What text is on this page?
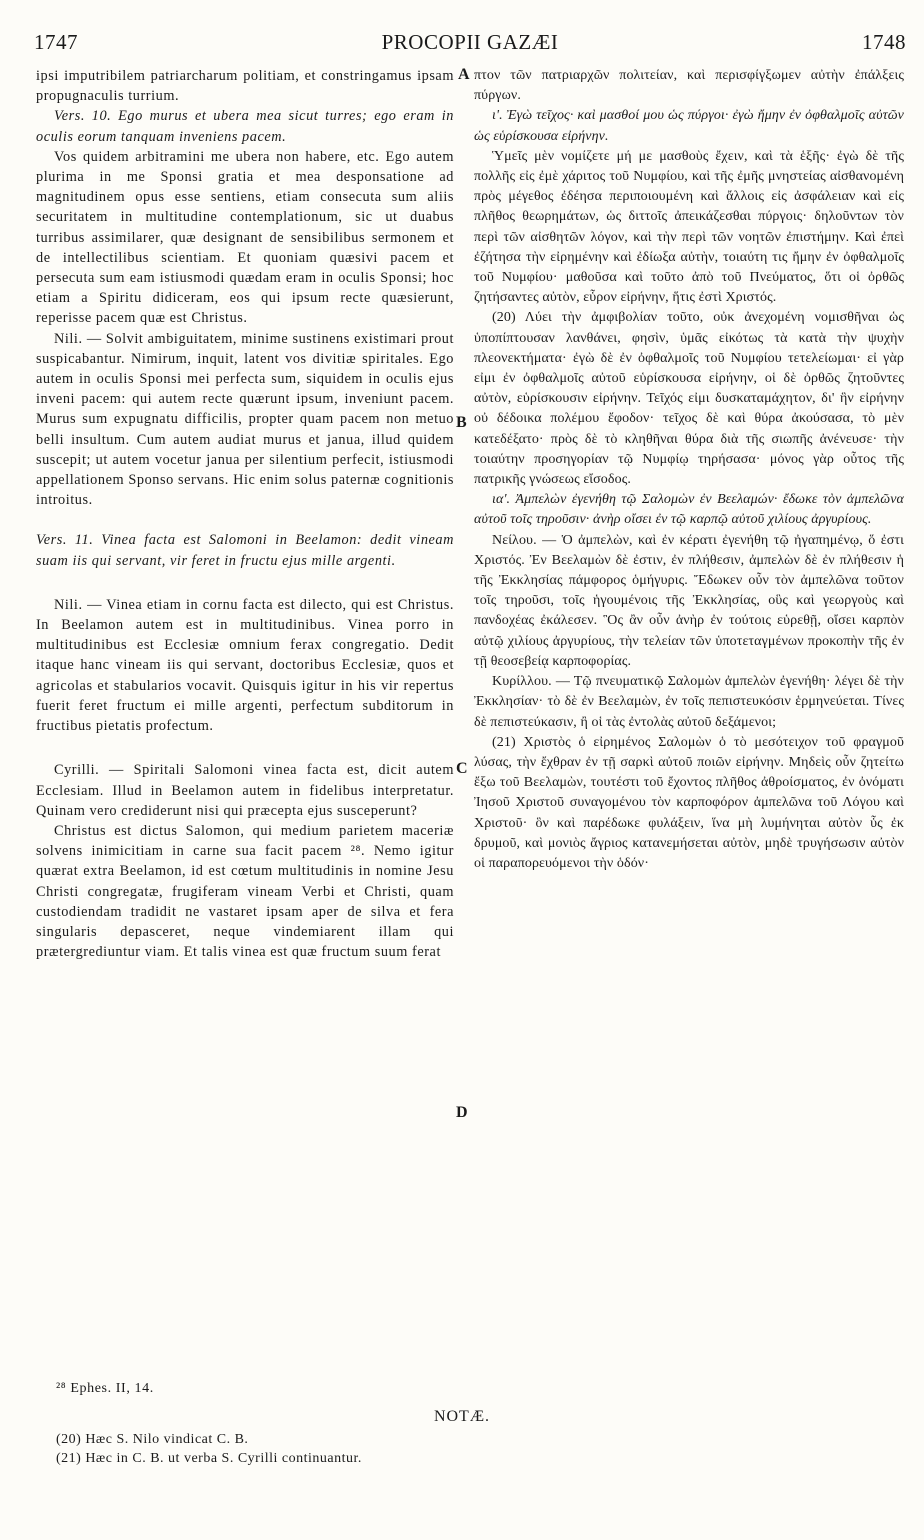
1747	PROCOPII GAZÆI	1748

ipsi imputribilem patriarcharum politiam, et constringamus ipsam propugnaculis turrium.

Vers. 10. Ego murus et ubera mea sicut turres; ego eram in oculis eorum tanquam inveniens pacem.

Vos quidem arbitramini me ubera non habere, etc. Ego autem plurima in me Sponsi gratia et mea desponsatione ad magnitudinem opus esse sentiens, etiam consecuta sum aliis securitatem in multitudine contemplationum, sic ut duabus turribus assimilarer, quæ designant de sensibilibus sermonem et de intellectilibus scientiam. Et quoniam quæsivi pacem et persecuta sum eam istiusmodi quædam eram in oculis Sponsi; hoc etiam a Spiritu didiceram, eos qui ipsum recte quæsierunt, reperisse pacem quæ est Christus.

Nili. — Solvit ambiguitatem, minime sustinens existimari prout suspicabantur. Nimirum, inquit, latent vos divitiæ spiritales. Ego autem in oculis Sponsi mei perfecta sum, siquidem in oculis ejus inveni pacem: qui autem recte quærunt ipsum, inveniunt pacem. Murus sum expugnatu difficilis, propter quam pacem non metuo belli insultum. Cum autem audiat murus et janua, illud quidem suscepit; ut autem vocetur janua per silentium perfecit, istiusmodi appellationem Sponso servans. Hic enim solus paternæ cognitionis introitus.

Vers. 11. Vinea facta est Salomoni in Beelamon: dedit vineam suam iis qui servant, vir feret in fructu ejus mille argenti.

Nili. — Vinea etiam in cornu facta est dilecto, qui est Christus. In Beelamon autem est in multitudinibus. Vinea porro in multitudinibus est Ecclesiæ omnium ferax congregatio. Dedit itaque hanc vineam iis qui servant, doctoribus Ecclesiæ, quos et agricolas et stabularios vocavit. Quisquis igitur in his vir repertus fuerit feret fructum ei mille argenti, perfectum subditorum in fructibus pietatis profectum.

Cyrilli. — Spiritali Salomoni vinea facta est, dicit autem Ecclesiam. Illud in Beelamon autem in fidelibus interpretatur. Quinam vero crediderunt nisi qui præcepta ejus susceperunt?

Christus est dictus Salomon, qui medium parietem maceriæ solvens inimicitiam in carne sua facit pacem ²⁸. Nemo igitur quærat extra Beelamon, id est cœtum multitudinis in nomine Jesu Christi congregatæ, frugiferam vineam Verbi et Christi, quam custodiendam tradidit ne vastaret ipsam aper de silva et fera singularis depasceret, neque vindemiarent illam qui prætergrediuntur viam. Et talis vinea est quæ fructum suum ferat

πτον τῶν πατριαρχῶν πολιτείαν, καὶ περισφίγξωμεν αὐτὴν ἐπάλξεις πύργων.

ι'. Ἐγὼ τεῖχος· καὶ μασθοί μου ὡς πύργοι· ἐγὼ ἤμην ἐν ὀφθαλμοῖς αὐτῶν ὡς εὑρίσκουσα εἰρήνην.

Ὑμεῖς μὲν νομίζετε μή με μασθοὺς ἔχειν, καὶ τὰ ἑξῆς· ἐγὼ δὲ τῆς πολλῆς εἰς ἐμὲ χάριτος τοῦ Νυμφίου, καὶ τῆς ἐμῆς μνηστείας αἰσθανομένη πρὸς μέγεθος ἐδέησα περιποιουμένη καὶ ἄλλοις εἰς ἀσφάλειαν καὶ εἰς πλῆθος θεωρημάτων, ὡς διττοῖς ἀπεικάζεσθαι πύργοις· δηλοῦντων τὸν περὶ τῶν αἰσθητῶν λόγον, καὶ τὴν περὶ τῶν νοητῶν ἐπιστήμην. Καὶ ἐπεὶ ἐζήτησα τὴν εἰρημένην καὶ ἐδίωξα αὐτὴν, τοιαύτη τις ἤμην ἐν ὀφθαλμοῖς τοῦ Νυμφίου· μαθοῦσα καὶ τοῦτο ἀπὸ τοῦ Πνεύματος, ὅτι οἱ ὀρθῶς ζητήσαντες αὐτὸν, εὗρον εἰρήνην, ἥτις ἐστὶ Χριστός.

(20) Λύει τὴν ἀμφιβολίαν τοῦτο, οὐκ ἀνεχομένη νομισθῆναι ὡς ὑποπίπτουσαν λανθάνει, φησὶν, ὑμᾶς εἰκότως τὰ κατὰ τὴν ψυχὴν πλεονεκτήματα· ἐγὼ δὲ ἐν ὀφθαλμοῖς τοῦ Νυμφίου τετελείωμαι· εἰ γὰρ εἰμι ἐν ὀφθαλμοῖς αὐτοῦ εὑρίσκουσα εἰρήνην, οἱ δὲ ὀρθῶς ζητοῦντες αὐτὸν, εὑρίσκουσιν εἰρήνην. Τεῖχός εἰμι δυσκαταμάχητον, δι' ἣν εἰρήνην οὐ δέδοικα πολέμου ἔφοδον· τεῖχος δὲ καὶ θύρα ἀκούσασα, τὸ μὲν κατεδέξατο· πρὸς δὲ τὸ κληθῆναι θύρα διὰ τῆς σιωπῆς ἀνένευσε· τὴν τοιαύτην προσηγορίαν τῷ Νυμφίῳ τηρήσασα· μόνος γὰρ οὗτος τῆς πατρικῆς γνώσεως εἴσοδος.

ια'. Ἀμπελὼν ἐγενήθη τῷ Σαλομὼν ἐν Βεελαμών· ἔδωκε τὸν ἀμπελῶνα αὐτοῦ τοῖς τηροῦσιν· ἀνὴρ οἴσει ἐν τῷ καρπῷ αὐτοῦ χιλίους ἀργυρίους.

Νείλου. — Ὁ ἀμπελὼν, καὶ ἐν κέρατι ἐγενήθη τῷ ἠγαπημένῳ, ὅ ἐστι Χριστός. Ἐν Βεελαμὼν δὲ ἐστιν, ἐν πλήθεσιν, ἀμπελὼν δὲ ἐν πλήθεσιν ἡ τῆς Ἐκκλησίας πάμφορος ὁμήγυρις. Ἔδωκεν οὖν τὸν ἀμπελῶνα τοῦτον τοῖς τηροῦσι, τοῖς ἡγουμένοις τῆς Ἐκκλησίας, οὓς καὶ γεωργοὺς καὶ πανδοχέας ἐκάλεσεν. Ὃς ἂν οὖν ἀνὴρ ἐν τούτοις εὑρεθῇ, οἴσει καρπὸν αὐτῷ χιλίους ἀργυρίους, τὴν τελείαν τῶν ὑποτεταγμένων προκοπὴν τῆς ἐν τῇ θεοσεβείᾳ καρποφορίας.

Κυρίλλου. — Τῷ πνευματικῷ Σαλομὼν ἀμπελὼν ἐγενήθη· λέγει δὲ τὴν Ἐκκλησίαν· τὸ δὲ ἐν Βεελαμὼν, ἐν τοῖς πεπιστευκόσιν ἑρμηνεύεται. Τίνες δὲ πεπιστεύκασιν, ἢ οἱ τὰς ἐντολὰς αὐτοῦ δεξάμενοι;

(21) Χριστὸς ὁ εἰρημένος Σαλομὼν ὁ τὸ μεσότειχον τοῦ φραγμοῦ λύσας, τὴν ἔχθραν ἐν τῇ σαρκὶ αὐτοῦ ποιῶν εἰρήνην. Μηδεὶς οὖν ζητείτω ἔξω τοῦ Βεελαμὼν, τουτέστι τοῦ ἔχοντος πλῆθος ἀθροίσματος, ἐν ὀνόματι Ἰησοῦ Χριστοῦ συναγομένου τὸν καρποφόρον ἀμπελῶνα τοῦ Λόγου καὶ Χριστοῦ· ὃν καὶ παρέδωκε φυλάξειν, ἵνα μὴ λυμήνηται αὐτὸν ὗς ἐκ δρυμοῦ, καὶ μονιὸς ἄγριος κατανεμήσεται αὐτὸν, μηδὲ τρυγήσωσιν αὐτὸν οἱ παραπορευόμενοι τὴν ὁδόν·

A
B
C
D
²⁸ Ephes. II, 14.
NOTÆ.
(20) Hæc S. Nilo vindicat C. B.
(21) Hæc in C. B. ut verba S. Cyrilli continuantur.
